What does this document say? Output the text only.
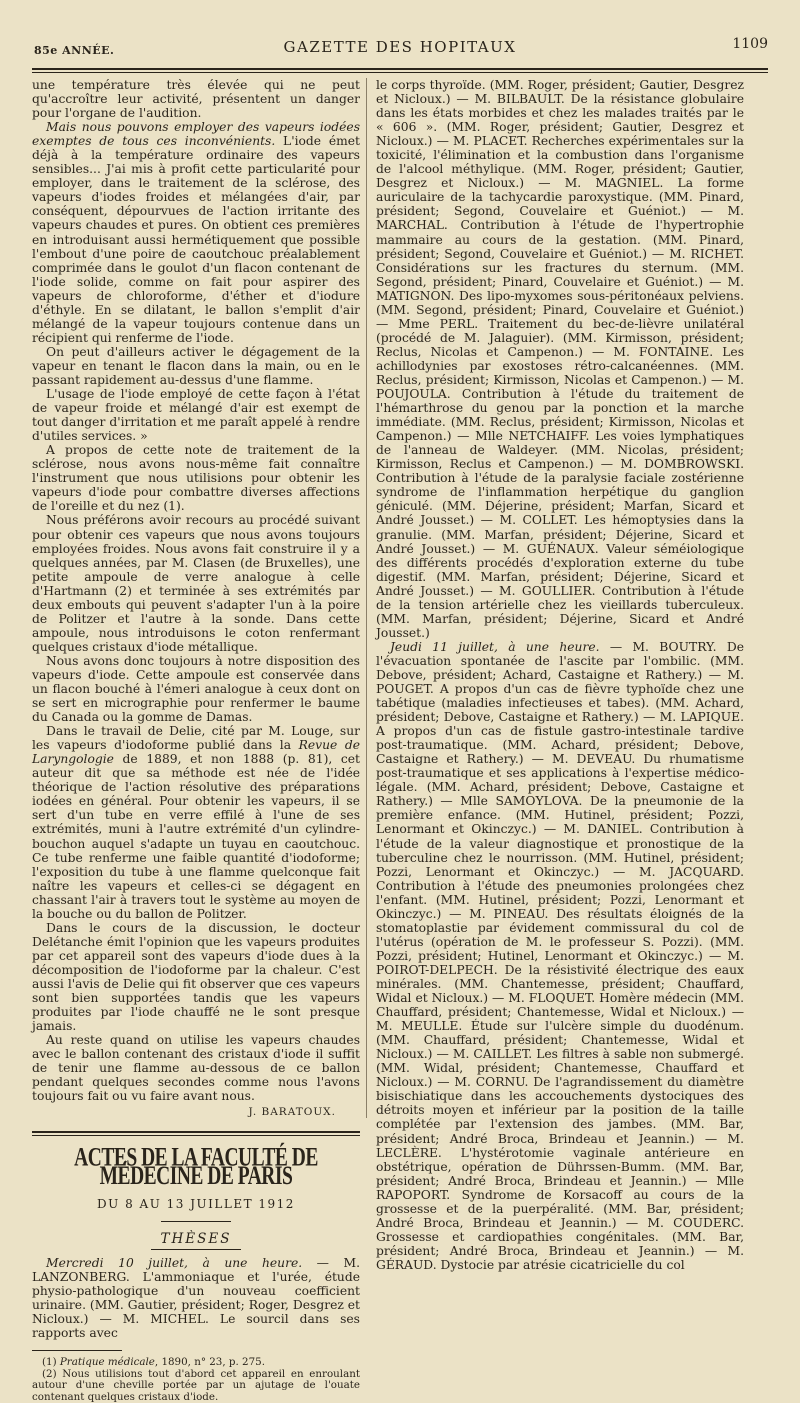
85e ANNÉE.	GAZETTE DES HOPITAUX	1109

une température très élevée qui ne peut qu'accroître leur activité, présentent un danger pour l'organe de l'audition.

Mais nous pouvons employer des vapeurs iodées exemptes de tous ces inconvénients. L'iode émet déjà à la température ordinaire des vapeurs sensibles... J'ai mis à profit cette particularité pour employer, dans le traitement de la sclérose, des vapeurs d'iodes froides et mélangées d'air, par conséquent, dépourvues de l'action irritante des vapeurs chaudes et pures. On obtient ces premières en introduisant aussi hermétiquement que possible l'embout d'une poire de caoutchouc préalablement comprimée dans le goulot d'un flacon contenant de l'iode solide, comme on fait pour aspirer des vapeurs de chloroforme, d'éther et d'iodure d'éthyle. En se dilatant, le ballon s'emplit d'air mélangé de la vapeur toujours contenue dans un récipient qui renferme de l'iode.

On peut d'ailleurs activer le dégagement de la vapeur en tenant le flacon dans la main, ou en le passant rapidement au-dessus d'une flamme.

L'usage de l'iode employé de cette façon à l'état de vapeur froide et mélangé d'air est exempt de tout danger d'irritation et me paraît appelé à rendre d'utiles services. »

A propos de cette note de traitement de la sclérose, nous avons nous-même fait connaître l'instrument que nous utilisions pour obtenir les vapeurs d'iode pour combattre diverses affections de l'oreille et du nez (1).

Nous préférons avoir recours au procédé suivant pour obtenir ces vapeurs que nous avons toujours employées froides. Nous avons fait construire il y a quelques années, par M. Clasen (de Bruxelles), une petite ampoule de verre analogue à celle d'Hartmann (2) et terminée à ses extrémités par deux embouts qui peuvent s'adapter l'un à la poire de Politzer et l'autre à la sonde. Dans cette ampoule, nous introduisons le coton renfermant quelques cristaux d'iode métallique.

Nous avons donc toujours à notre disposition des vapeurs d'iode. Cette ampoule est conservée dans un flacon bouché à l'émeri analogue à ceux dont on se sert en micrographie pour renfermer le baume du Canada ou la gomme de Damas.

Dans le travail de Delie, cité par M. Louge, sur les vapeurs d'iodoforme publié dans la Revue de Laryngologie de 1889, et non 1888 (p. 81), cet auteur dit que sa méthode est née de l'idée théorique de l'action résolutive des préparations iodées en général. Pour obtenir les vapeurs, il se sert d'un tube en verre effilé à l'une de ses extrémités, muni à l'autre extrémité d'un cylindre-bouchon auquel s'adapte un tuyau en caoutchouc. Ce tube renferme une faible quantité d'iodoforme; l'exposition du tube à une flamme quelconque fait naître les vapeurs et celles-ci se dégagent en chassant l'air à travers tout le système au moyen de la bouche ou du ballon de Politzer.

Dans le cours de la discussion, le docteur Delétanche émit l'opinion que les vapeurs produites par cet appareil sont des vapeurs d'iode dues à la décomposition de l'iodoforme par la chaleur. C'est aussi l'avis de Delie qui fit observer que ces vapeurs sont bien supportées tandis que les vapeurs produites par l'iode chauffé ne le sont presque jamais.

Au reste quand on utilise les vapeurs chaudes avec le ballon contenant des cristaux d'iode il suffit de tenir une flamme au-dessous de ce ballon pendant quelques secondes comme nous l'avons toujours fait ou vu faire avant nous.

J. BARATOUX.
ACTES DE LA FACULTÉ DE MÉDECINE DE PARIS
DU 8 AU 13 JUILLET 1912
THÈSES

Mercredi 10 juillet, à une heure. — M. LANZONBERG. L'ammoniaque et l'urée, étude physio-pathologique d'un nouveau coefficient urinaire. (MM. Gautier, président; Roger, Desgrez et Nicloux.) — M. MICHEL. Le sourcil dans ses rapports avec

(1) Pratique médicale, 1890, n° 23, p. 275.

(2) Nous utilisions tout d'abord cet appareil en enroulant autour d'une cheville portée par un ajutage de l'ouate contenant quelques cristaux d'iode.

le corps thyroïde. (MM. Roger, président; Gautier, Desgrez et Nicloux.) — M. BILBAULT. De la résistance globulaire dans les états morbides et chez les malades traités par le « 606 ». (MM. Roger, président; Gautier, Desgrez et Nicloux.) — M. PLACET. Recherches expérimentales sur la toxicité, l'élimination et la combustion dans l'organisme de l'alcool méthylique. (MM. Roger, président; Gautier, Desgrez et Nicloux.) — M. MAGNIEL. La forme auriculaire de la tachycardie paroxystique. (MM. Pinard, président; Segond, Couvelaire et Guéniot.) — M. MARCHAL. Contribution à l'étude de l'hypertrophie mammaire au cours de la gestation. (MM. Pinard, président; Segond, Couvelaire et Guéniot.) — M. RICHET. Considérations sur les fractures du sternum. (MM. Segond, président; Pinard, Couvelaire et Guéniot.) — M. MATIGNON. Des lipo-myxomes sous-péritonéaux pelviens. (MM. Segond, président; Pinard, Couvelaire et Guéniot.) — Mme PERL. Traitement du bec-de-lièvre unilatéral (procédé de M. Jalaguier). (MM. Kirmisson, président; Reclus, Nicolas et Campenon.) — M. FONTAINE. Les achillodynies par exostoses rétro-calcanéennes. (MM. Reclus, président; Kirmisson, Nicolas et Campenon.) — M. POUJOULA. Contribution à l'étude du traitement de l'hémarthrose du genou par la ponction et la marche immédiate. (MM. Reclus, président; Kirmisson, Nicolas et Campenon.) — Mlle NETCHAIFF. Les voies lymphatiques de l'anneau de Waldeyer. (MM. Nicolas, président; Kirmisson, Reclus et Campenon.) — M. DOMBROWSKI. Contribution à l'étude de la paralysie faciale zostérienne syndrome de l'inflammation herpétique du ganglion géniculé. (MM. Déjerine, président; Marfan, Sicard et André Jousset.) — M. COLLET. Les hémoptysies dans la granulie. (MM. Marfan, président; Déjerine, Sicard et André Jousset.) — M. GUÉNAUX. Valeur séméiologique des différents procédés d'exploration externe du tube digestif. (MM. Marfan, président; Déjerine, Sicard et André Jousset.) — M. GOULLIER. Contribution à l'étude de la tension artérielle chez les vieillards tuberculeux. (MM. Marfan, président; Déjerine, Sicard et André Jousset.)

Jeudi 11 juillet, à une heure. — M. BOUTRY. De l'évacuation spontanée de l'ascite par l'ombilic. (MM. Debove, président; Achard, Castaigne et Rathery.) — M. POUGET. A propos d'un cas de fièvre typhoïde chez une tabétique (maladies infectieuses et tabes). (MM. Achard, président; Debove, Castaigne et Rathery.) — M. LAPIQUE. A propos d'un cas de fistule gastro-intestinale tardive post-traumatique. (MM. Achard, président; Debove, Castaigne et Rathery.) — M. DEVEAU. Du rhumatisme post-traumatique et ses applications à l'expertise médico-légale. (MM. Achard, président; Debove, Castaigne et Rathery.) — Mlle SAMOYLOVA. De la pneumonie de la première enfance. (MM. Hutinel, président; Pozzi, Lenormant et Okinczyc.) — M. DANIEL. Contribution à l'étude de la valeur diagnostique et pronostique de la tuberculine chez le nourrisson. (MM. Hutinel, président; Pozzi, Lenormant et Okinczyc.) — M. JACQUARD. Contribution à l'étude des pneumonies prolongées chez l'enfant. (MM. Hutinel, président; Pozzi, Lenormant et Okinczyc.) — M. PINEAU. Des résultats éloignés de la stomatoplastie par évidement commissural du col de l'utérus (opération de M. le professeur S. Pozzi). (MM. Pozzi, président; Hutinel, Lenormant et Okinczyc.) — M. POIROT-DELPECH. De la résistivité électrique des eaux minérales. (MM. Chantemesse, président; Chauffard, Widal et Nicloux.) — M. FLOQUET. Homère médecin (MM. Chauffard, président; Chantemesse, Widal et Nicloux.) — M. MEULLE. Étude sur l'ulcère simple du duodénum. (MM. Chauffard, président; Chantemesse, Widal et Nicloux.) — M. CAILLET. Les filtres à sable non submergé. (MM. Widal, président; Chantemesse, Chauffard et Nicloux.) — M. CORNU. De l'agrandissement du diamètre bisischiatique dans les accouchements dystociques des détroits moyen et inférieur par la position de la taille complétée par l'extension des jambes. (MM. Bar, président; André Broca, Brindeau et Jeannin.) — M. LECLÈRE. L'hystérotomie vaginale antérieure en obstétrique, opération de Dührssen-Bumm. (MM. Bar, président; André Broca, Brindeau et Jeannin.) — Mlle RAPOPORT. Syndrome de Korsacoff au cours de la grossesse et de la puerpéralité. (MM. Bar, président; André Broca, Brindeau et Jeannin.) — M. COUDERC. Grossesse et cardiopathies congénitales. (MM. Bar, président; André Broca, Brindeau et Jeannin.) — M. GÉRAUD. Dystocie par atrésie cicatricielle du col
